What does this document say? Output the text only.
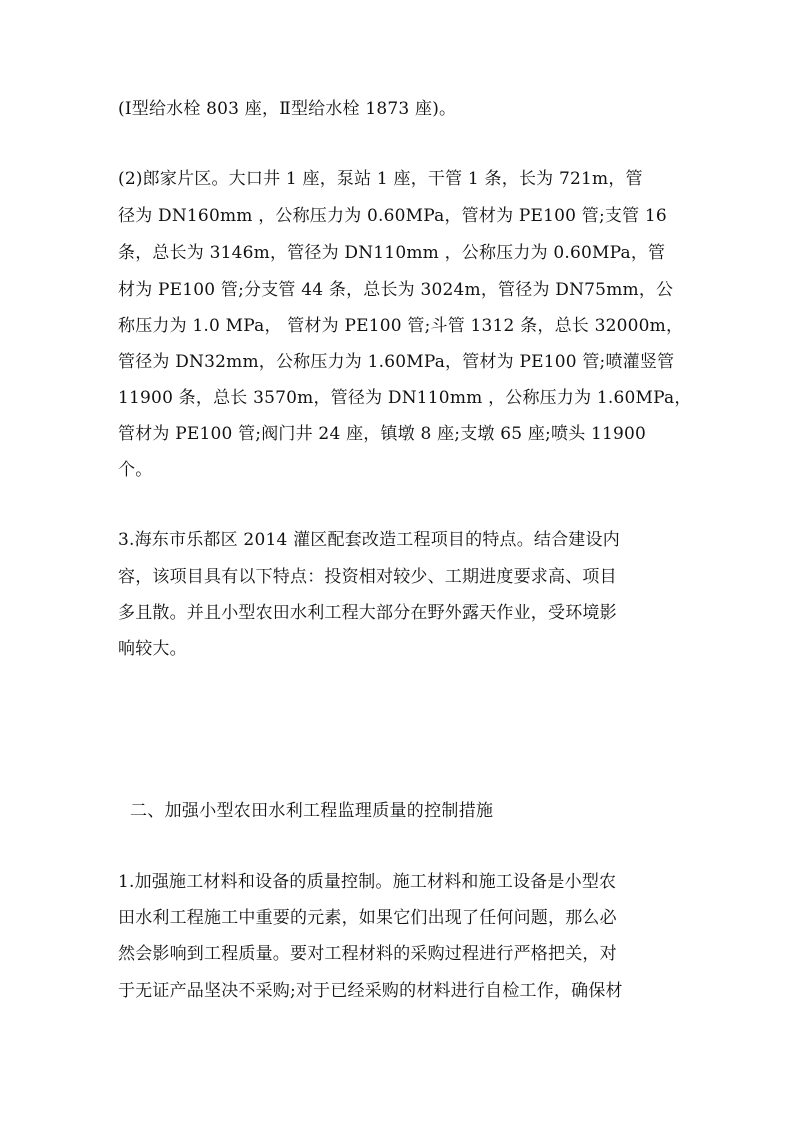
(Ⅰ型给水栓 803 座，Ⅱ型给水栓 1873 座)。
(2)郎家片区。大口井 1 座，泵站 1 座，干管 1 条，长为 721m，管
径为 DN160mm ，公称压力为 0.60MPa，管材为 PE100 管;支管 16
条，总长为 3146m，管径为 DN110mm ，公称压力为 0.60MPa，管
材为 PE100 管;分支管 44 条，总长为 3024m，管径为 DN75mm，公
称压力为 1.0 MPa， 管材为 PE100 管;斗管 1312 条，总长 32000m，
管径为 DN32mm，公称压力为 1.60MPa，管材为 PE100 管;喷灌竖管
11900 条，总长 3570m，管径为 DN110mm ，公称压力为 1.60MPa，
管材为 PE100 管;阀门井 24 座，镇墩 8 座;支墩 65 座;喷头 11900
个。
3.海东市乐都区 2014 灌区配套改造工程项目的特点。结合建设内
容，该项目具有以下特点：投资相对较少、工期进度要求高、项目
多且散。并且小型农田水利工程大部分在野外露天作业，受环境影
响较大。
二、加强小型农田水利工程监理质量的控制措施
1.加强施工材料和设备的质量控制。施工材料和施工设备是小型农
田水利工程施工中重要的元素，如果它们出现了任何问题，那么必
然会影响到工程质量。要对工程材料的采购过程进行严格把关，对
于无证产品坚决不采购;对于已经采购的材料进行自检工作，确保材
